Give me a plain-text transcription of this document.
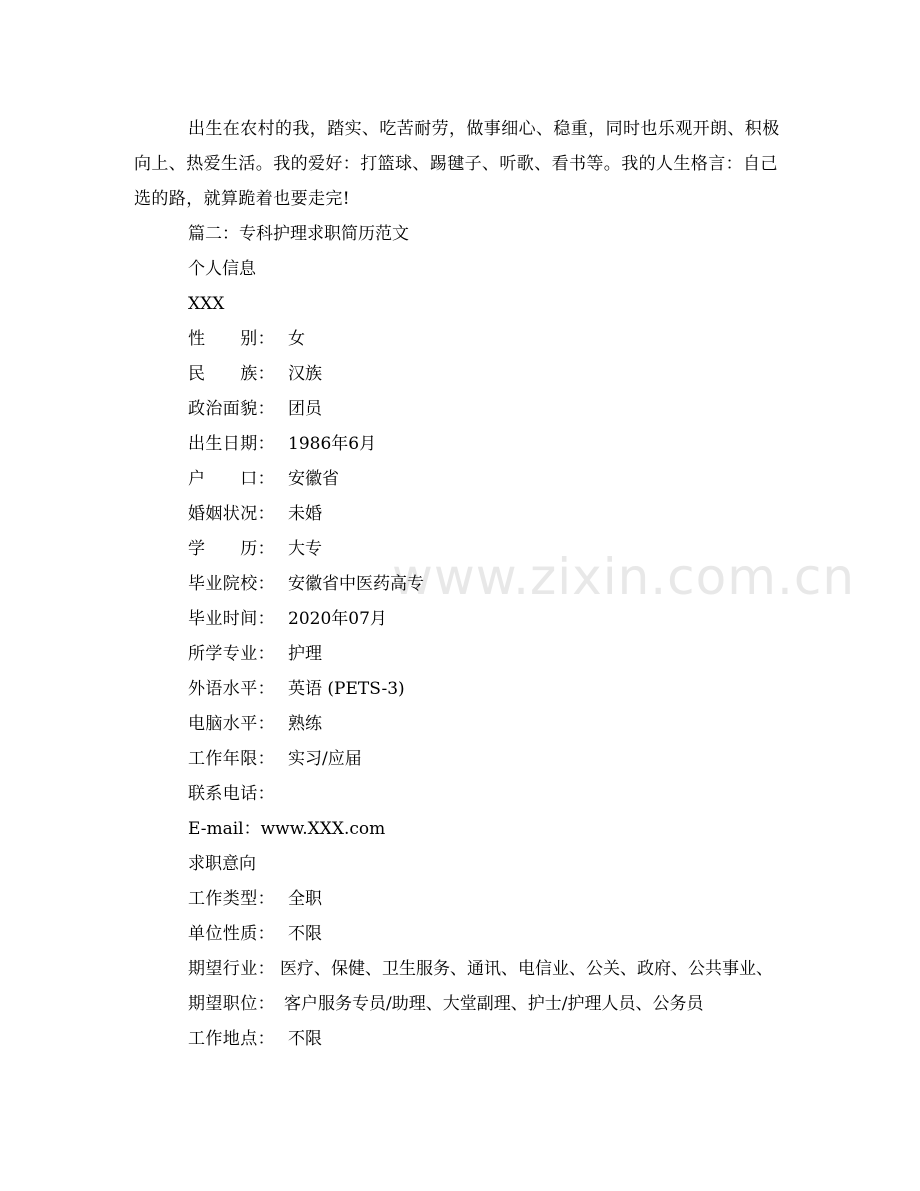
www.zixin.com.cn

出生在农村的我，踏实、吃苦耐劳，做事细心、稳重，同时也乐观开朗、积极向上、热爱生活。我的爱好：打篮球、踢毽子、听歌、看书等。我的人生格言：自己选的路，就算跪着也要走完!

篇二：专科护理求职简历范文

个人信息

XXX

性　　别： 女

民　　族： 汉族

政治面貌： 团员

出生日期： 1986年6月

户　　口： 安徽省

婚姻状况： 未婚

学　　历： 大专

毕业院校： 安徽省中医药高专

毕业时间： 2020年07月

所学专业： 护理

外语水平： 英语 (PETS-3)

电脑水平： 熟练

工作年限： 实习/应届

联系电话：

E-mail：www.XXX.com

求职意向

工作类型： 全职

单位性质： 不限

期望行业： 医疗、保健、卫生服务、通讯、电信业、公关、政府、公共事业、

期望职位： 客户服务专员/助理、大堂副理、护士/护理人员、公务员

工作地点： 不限
